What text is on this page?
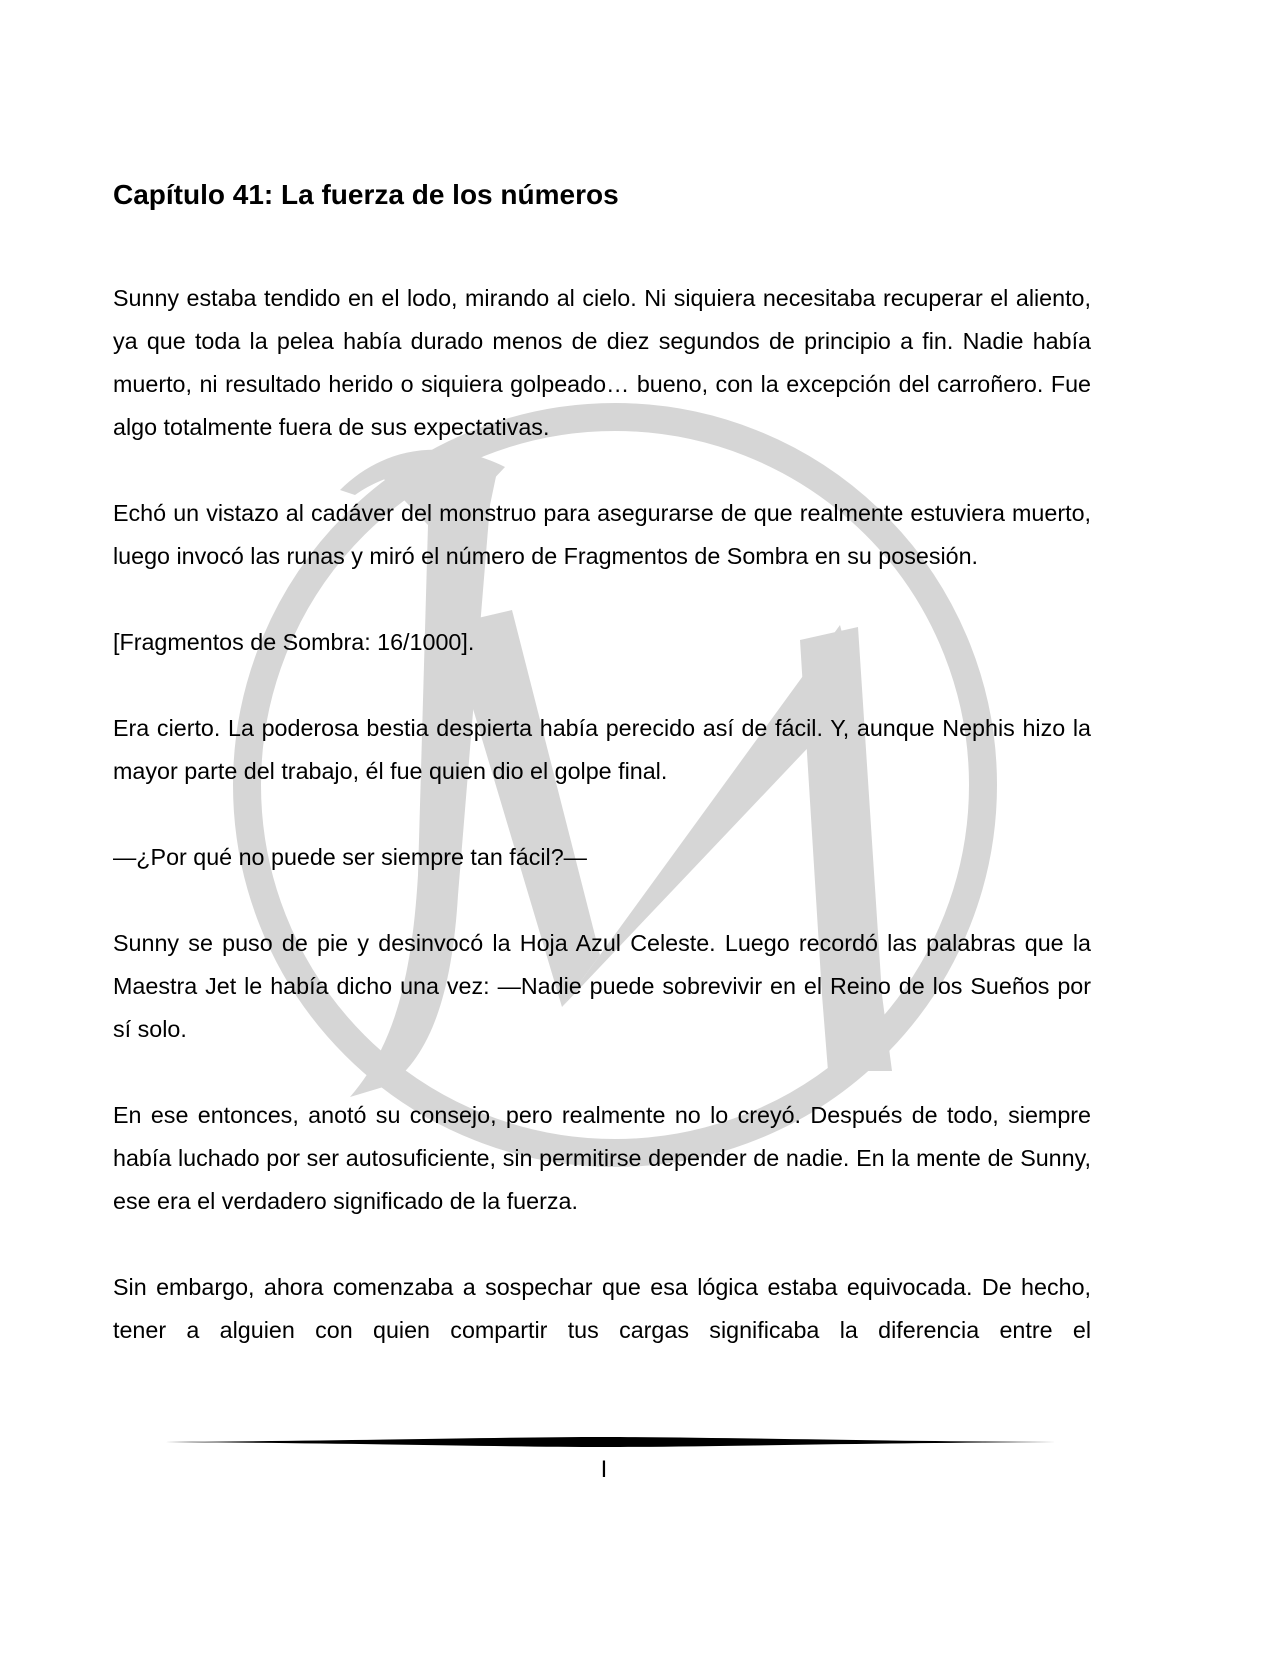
Capítulo 41: La fuerza de los números

Sunny estaba tendido en el lodo, mirando al cielo. Ni siquiera necesitaba recuperar el aliento, ya que toda la pelea había durado menos de diez segundos de principio a fin. Nadie había muerto, ni resultado herido o siquiera golpeado… bueno, con la excepción del carroñero. Fue algo totalmente fuera de sus expectativas.

Echó un vistazo al cadáver del monstruo para asegurarse de que realmente estuviera muerto, luego invocó las runas y miró el número de Fragmentos de Sombra en su posesión.

[Fragmentos de Sombra: 16/1000].

Era cierto. La poderosa bestia despierta había perecido así de fácil. Y, aunque Nephis hizo la mayor parte del trabajo, él fue quien dio el golpe final.

—¿Por qué no puede ser siempre tan fácil?—

Sunny se puso de pie y desinvocó la Hoja Azul Celeste. Luego recordó las palabras que la Maestra Jet le había dicho una vez: —Nadie puede sobrevivir en el Reino de los Sueños por sí solo.

En ese entonces, anotó su consejo, pero realmente no lo creyó. Después de todo, siempre había luchado por ser autosuficiente, sin permitirse depender de nadie. En la mente de Sunny, ese era el verdadero significado de la fuerza.

Sin embargo, ahora comenzaba a sospechar que esa lógica estaba equivocada. De hecho, tener a alguien con quien compartir tus cargas significaba la diferencia entre el

I
